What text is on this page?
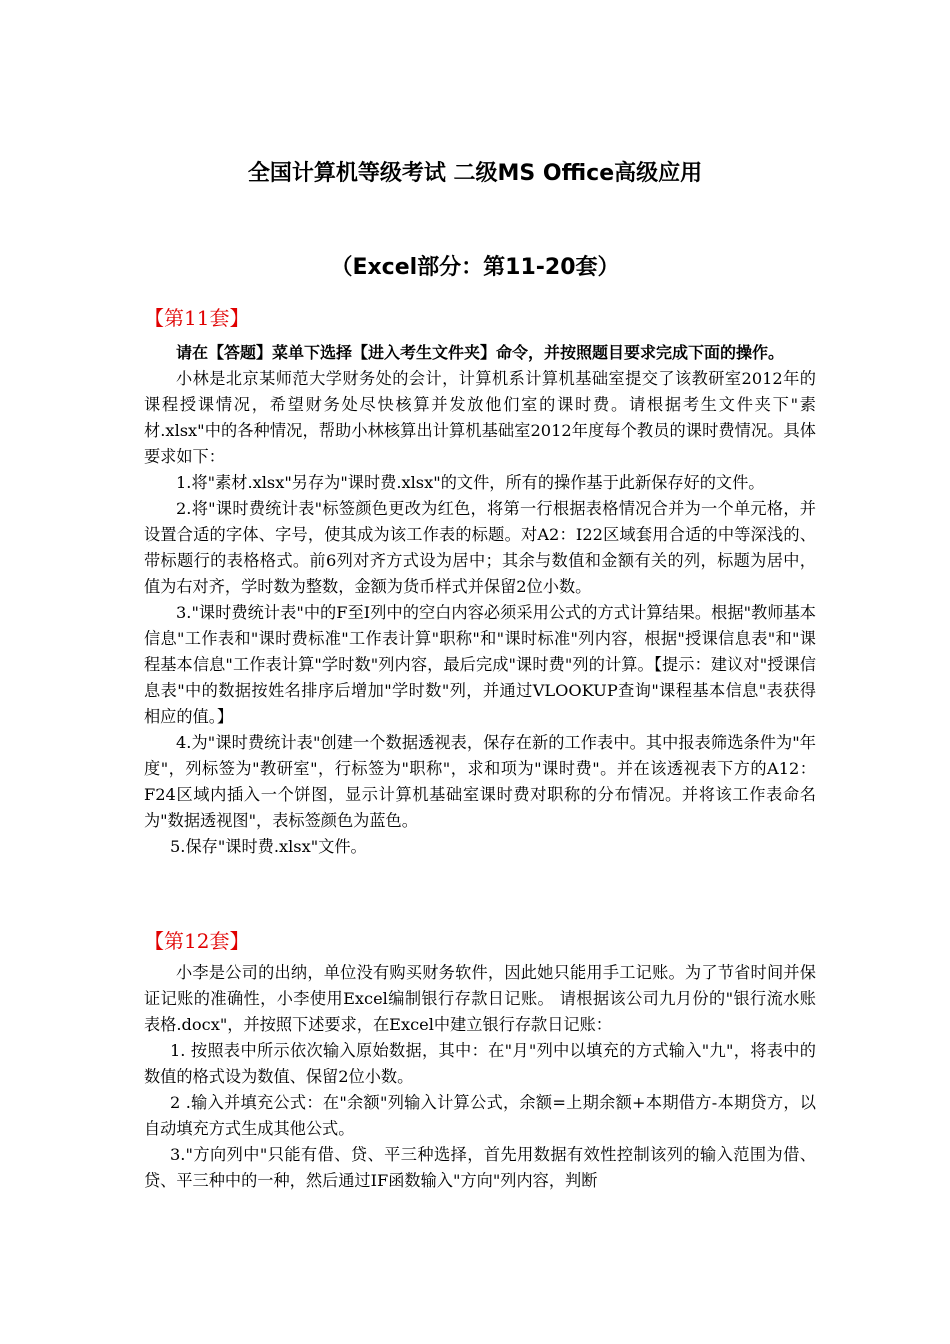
全国计算机等级考试 二级MS Office高级应用
（Excel部分：第11-20套）
【第11套】

请在【答题】菜单下选择【进入考生文件夹】命令，并按照题目要求完成下面的操作。

小林是北京某师范大学财务处的会计，计算机系计算机基础室提交了该教研室2012年的课程授课情况，希望财务处尽快核算并发放他们室的课时费。请根据考生文件夹下"素材.xlsx"中的各种情况，帮助小林核算出计算机基础室2012年度每个教员的课时费情况。具体要求如下：

1.将"素材.xlsx"另存为"课时费.xlsx"的文件，所有的操作基于此新保存好的文件。

2.将"课时费统计表"标签颜色更改为红色，将第一行根据表格情况合并为一个单元格，并设置合适的字体、字号，使其成为该工作表的标题。对A2：I22区域套用合适的中等深浅的、带标题行的表格格式。前6列对齐方式设为居中；其余与数值和金额有关的列，标题为居中，值为右对齐，学时数为整数，金额为货币样式并保留2位小数。

3."课时费统计表"中的F至I列中的空白内容必须采用公式的方式计算结果。根据"教师基本信息"工作表和"课时费标准"工作表计算"职称"和"课时标准"列内容，根据"授课信息表"和"课程基本信息"工作表计算"学时数"列内容，最后完成"课时费"列的计算。【提示：建议对"授课信息表"中的数据按姓名排序后增加"学时数"列，并通过VLOOKUP查询"课程基本信息"表获得相应的值。】

4.为"课时费统计表"创建一个数据透视表，保存在新的工作表中。其中报表筛选条件为"年度"，列标签为"教研室"，行标签为"职称"，求和项为"课时费"。并在该透视表下方的A12：F24区域内插入一个饼图，显示计算机基础室课时费对职称的分布情况。并将该工作表命名为"数据透视图"，表标签颜色为蓝色。

5.保存"课时费.xlsx"文件。

【第12套】

小李是公司的出纳，单位没有购买财务软件，因此她只能用手工记账。为了节省时间并保证记账的准确性，小李使用Excel编制银行存款日记账。 请根据该公司九月份的"银行流水账表格.docx"，并按照下述要求，在Excel中建立银行存款日记账：

1. 按照表中所示依次输入原始数据，其中：在"月"列中以填充的方式输入"九"，将表中的数值的格式设为数值、保留2位小数。

2 .输入并填充公式：在"余额"列输入计算公式，余额=上期余额+本期借方-本期贷方，以自动填充方式生成其他公式。

3."方向列中"只能有借、贷、平三种选择，首先用数据有效性控制该列的输入范围为借、贷、平三种中的一种，然后通过IF函数输入"方向"列内容，判断
